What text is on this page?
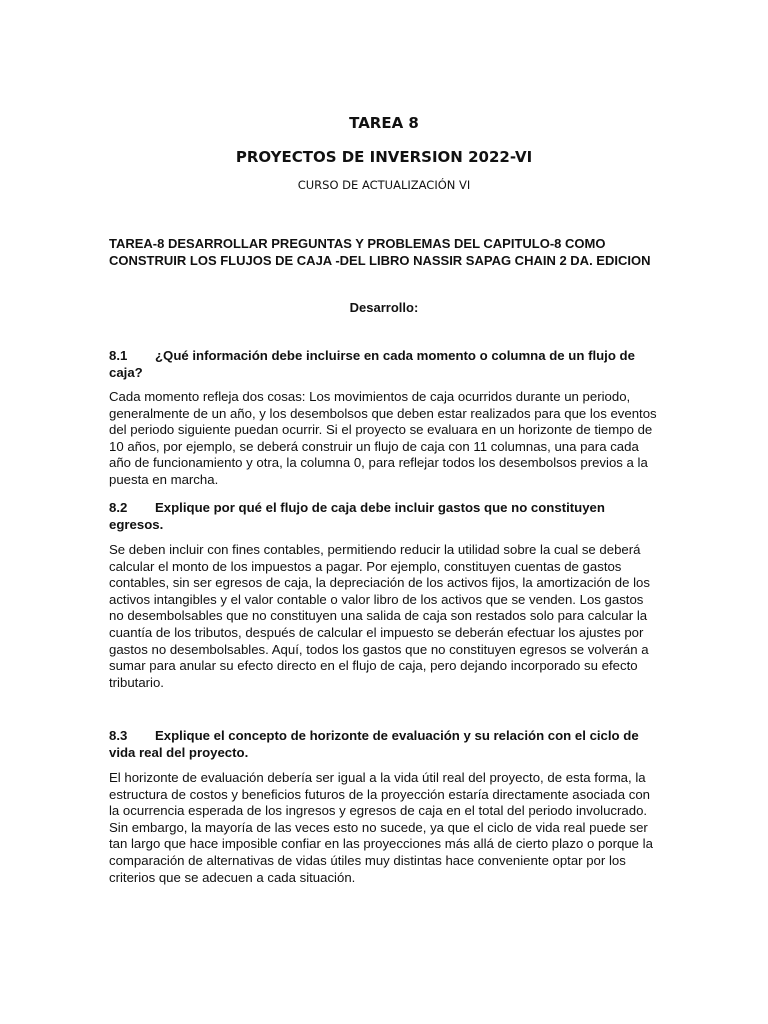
TAREA 8
PROYECTOS DE INVERSION 2022-VI
CURSO DE ACTUALIZACIÓN VI
TAREA-8 DESARROLLAR PREGUNTAS Y PROBLEMAS DEL CAPITULO-8 COMO CONSTRUIR LOS FLUJOS DE CAJA -DEL LIBRO NASSIR SAPAG CHAIN 2 DA. EDICION
Desarrollo:
8.1 ¿Qué información debe incluirse en cada momento o columna de un flujo de caja?
Cada momento refleja dos cosas: Los movimientos de caja ocurridos durante un periodo, generalmente de un año, y los desembolsos que deben estar realizados para que los eventos del periodo siguiente puedan ocurrir. Si el proyecto se evaluara en un horizonte de tiempo de 10 años, por ejemplo, se deberá construir un flujo de caja con 11 columnas, una para cada año de funcionamiento y otra, la columna 0, para reflejar todos los desembolsos previos a la puesta en marcha.
8.2 Explique por qué el flujo de caja debe incluir gastos que no constituyen egresos.
Se deben incluir con fines contables, permitiendo reducir la utilidad sobre la cual se deberá calcular el monto de los impuestos a pagar. Por ejemplo, constituyen cuentas de gastos contables, sin ser egresos de caja, la depreciación de los activos fijos, la amortización de los activos intangibles y el valor contable o valor libro de los activos que se venden. Los gastos no desembolsables que no constituyen una salida de caja son restados solo para calcular la cuantía de los tributos, después de calcular el impuesto se deberán efectuar los ajustes por gastos no desembolsables. Aquí, todos los gastos que no constituyen egresos se volverán a sumar para anular su efecto directo en el flujo de caja, pero dejando incorporado su efecto tributario.
8.3 Explique el concepto de horizonte de evaluación y su relación con el ciclo de vida real del proyecto.
El horizonte de evaluación debería ser igual a la vida útil real del proyecto, de esta forma, la estructura de costos y beneficios futuros de la proyección estaría directamente asociada con la ocurrencia esperada de los ingresos y egresos de caja en el total del periodo involucrado. Sin embargo, la mayoría de las veces esto no sucede, ya que el ciclo de vida real puede ser tan largo que hace imposible confiar en las proyecciones más allá de cierto plazo o porque la comparación de alternativas de vidas útiles muy distintas hace conveniente optar por los criterios que se adecuen a cada situación.
